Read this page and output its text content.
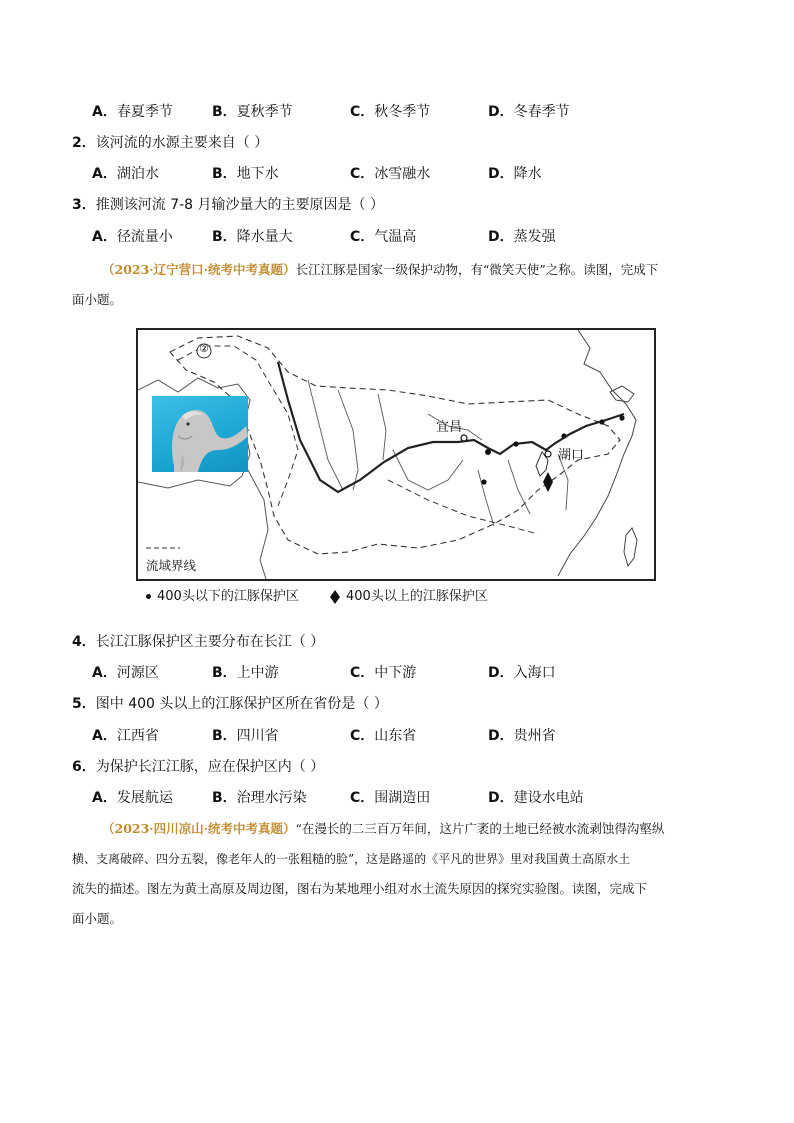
A．春夏季节	B．夏秋季节	C．秋冬季节	D．冬春季节
2．该河流的水源主要来自（ ）
A．湖泊水	B．地下水	C．冰雪融水	D．降水
3．推测该河流 7-8 月输沙量大的主要原因是（ ）
A．径流量小	B．降水量大	C．气温高	D．蒸发强
（2023·辽宁营口·统考中考真题）长江江豚是国家一级保护动物，有“微笑天使”之称。读图，完成下
面小题。
②
宜昌
湖口
流域界线
400头以下的江豚保护区	400头以上的江豚保护区
4．长江江豚保护区主要分布在长江（ ）
A．河源区	B．上中游	C．中下游	D．入海口
5．图中 400 头以上的江豚保护区所在省份是（ ）
A．江西省	B．四川省	C．山东省	D．贵州省
6．为保护长江江豚，应在保护区内（ ）
A．发展航运	B．治理水污染	C．围湖造田	D．建设水电站
（2023·四川凉山·统考中考真题）“在漫长的二三百万年间，这片广袤的土地已经被水流剥蚀得沟壑纵
横、支离破碎、四分五裂，像老年人的一张粗糙的脸”，这是路遥的《平凡的世界》里对我国黄土高原水土
流失的描述。图左为黄土高原及周边图，图右为某地理小组对水土流失原因的探究实验图。读图，完成下
面小题。
